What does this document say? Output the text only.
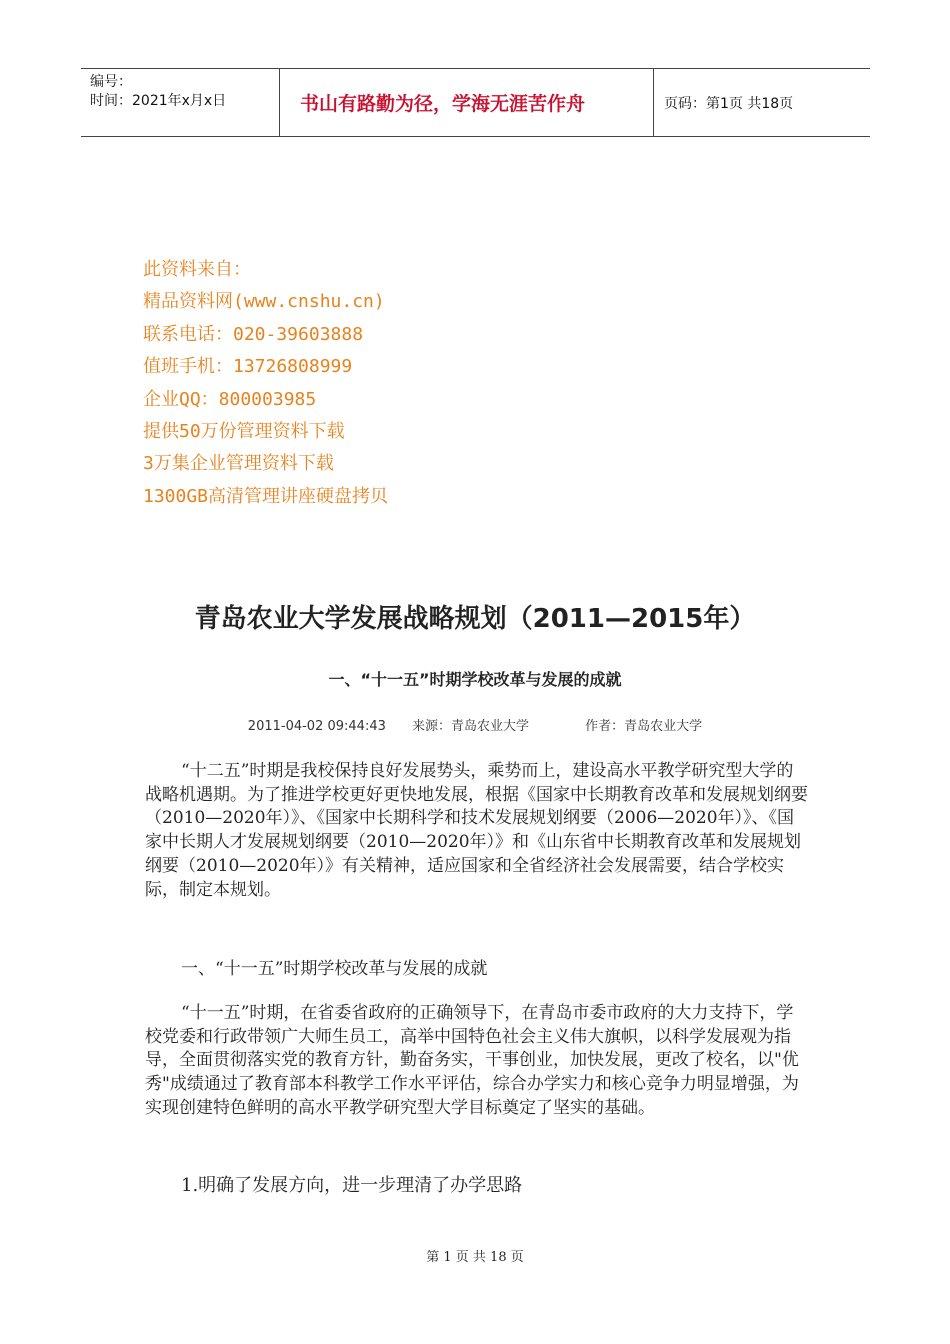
编号：
时间：2021年x月x日	书山有路勤为径，学海无涯苦作舟	页码：第1页 共18页
此资料来自：
精品资料网(www.cnshu.cn)
联系电话：020-39603888
值班手机：13726808999
企业QQ：800003985
提供50万份管理资料下载
3万集企业管理资料下载
1300GB高清管理讲座硬盘拷贝
青岛农业大学发展战略规划（2011—2015年）
一、“十一五”时期学校改革与发展的成就
2011-04-02 09:44:43 来源：青岛农业大学	作者：青岛农业大学
“十二五”时期是我校保持良好发展势头，乘势而上，建设高水平教学研究型大学的战略机遇期。为了推进学校更好更快地发展，根据《国家中长期教育改革和发展规划纲要（2010—2020年）》、《国家中长期科学和技术发展规划纲要（2006—2020年）》、《国家中长期人才发展规划纲要（2010—2020年）》和《山东省中长期教育改革和发展规划纲要（2010—2020年）》有关精神，适应国家和全省经济社会发展需要，结合学校实际，制定本规划。
一、“十一五”时期学校改革与发展的成就
“十一五”时期，在省委省政府的正确领导下，在青岛市委市政府的大力支持下，学校党委和行政带领广大师生员工，高举中国特色社会主义伟大旗帜，以科学发展观为指导，全面贯彻落实党的教育方针，勤奋务实，干事创业，加快发展，更改了校名，以"优秀"成绩通过了教育部本科教学工作水平评估，综合办学实力和核心竞争力明显增强，为实现创建特色鲜明的高水平教学研究型大学目标奠定了坚实的基础。
1.明确了发展方向，进一步理清了办学思路
第 1 页 共 18 页
